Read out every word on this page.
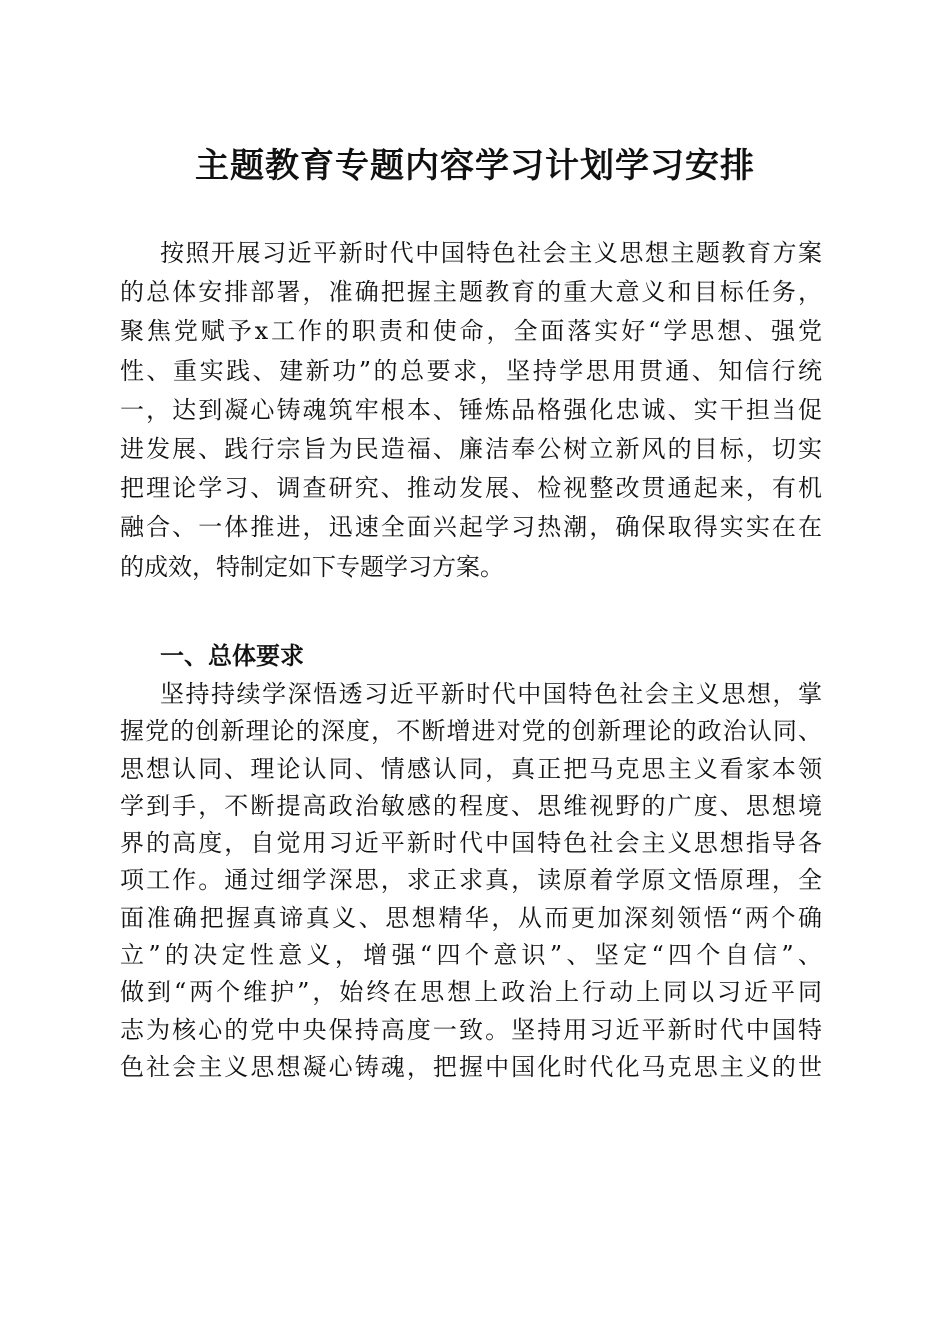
主题教育专题内容学习计划学习安排
按照开展习近平新时代中国特色社会主义思想主题教育方案
的总体安排部署，准确把握主题教育的重大意义和目标任务，
聚焦党赋予x工作的职责和使命，全面落实好“学思想、强党
性、重实践、建新功”的总要求，坚持学思用贯通、知信行统
一，达到凝心铸魂筑牢根本、锤炼品格强化忠诚、实干担当促
进发展、践行宗旨为民造福、廉洁奉公树立新风的目标，切实
把理论学习、调查研究、推动发展、检视整改贯通起来，有机
融合、一体推进，迅速全面兴起学习热潮，确保取得实实在在
的成效，特制定如下专题学习方案。
一、总体要求
坚持持续学深悟透习近平新时代中国特色社会主义思想，掌
握党的创新理论的深度，不断增进对党的创新理论的政治认同、
思想认同、理论认同、情感认同，真正把马克思主义看家本领
学到手，不断提高政治敏感的程度、思维视野的广度、思想境
界的高度，自觉用习近平新时代中国特色社会主义思想指导各
项工作。通过细学深思，求正求真，读原着学原文悟原理，全
面准确把握真谛真义、思想精华，从而更加深刻领悟“两个确
立”的决定性意义，增强“四个意识”、坚定“四个自信”、
做到“两个维护”，始终在思想上政治上行动上同以习近平同
志为核心的党中央保持高度一致。坚持用习近平新时代中国特
色社会主义思想凝心铸魂，把握中国化时代化马克思主义的世
